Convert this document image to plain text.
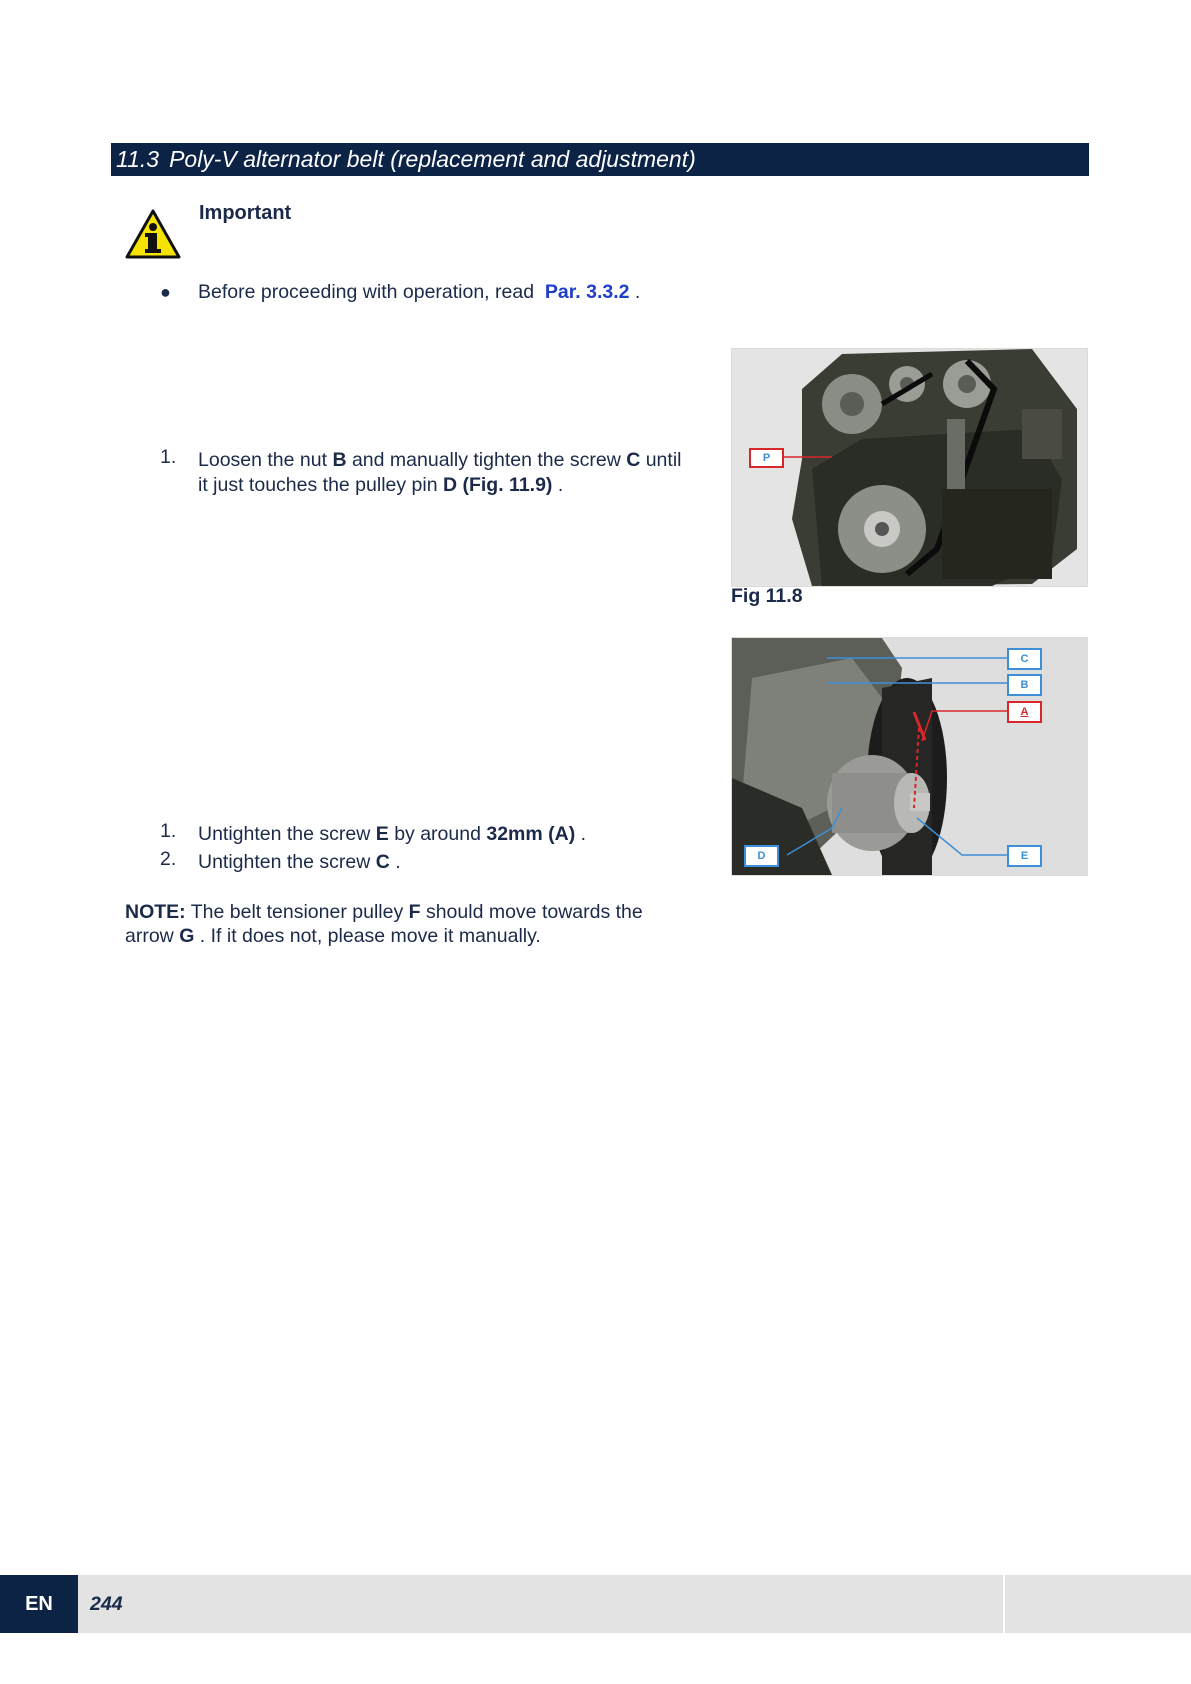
11.3 Poly-V alternator belt (replacement and adjustment)
Important
● Before proceeding with operation, read Par. 3.3.2 .
1. Loosen the nut B and manually tighten the screw C until
it just touches the pulley pin D (Fig. 11.9) .
P
Fig 11.8
C
B
A
D	E
1. Untighten the screw E by around 32mm (A) .
2. Untighten the screw C .
NOTE: The belt tensioner pulley F should move towards the
arrow G . If it does not, please move it manually.
EN	244
